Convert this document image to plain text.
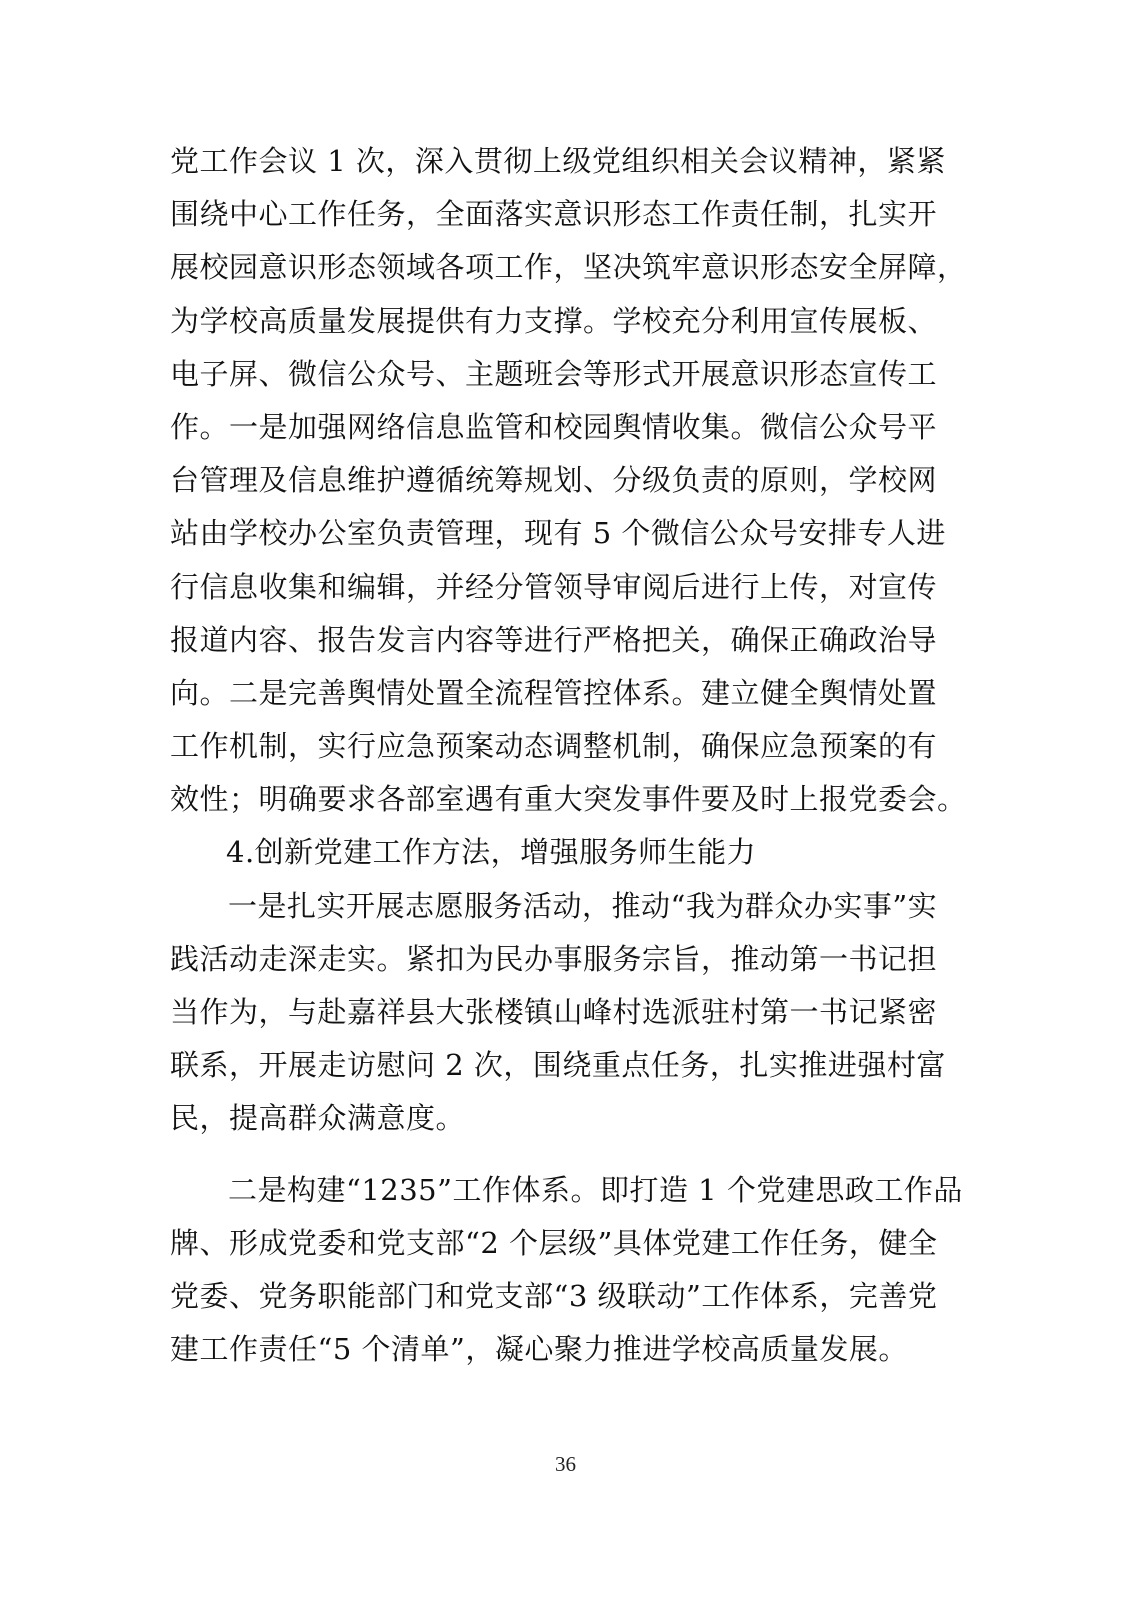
党工作会议 1 次，深入贯彻上级党组织相关会议精神，紧紧
围绕中心工作任务，全面落实意识形态工作责任制，扎实开
展校园意识形态领域各项工作，坚决筑牢意识形态安全屏障，
为学校高质量发展提供有力支撑。学校充分利用宣传展板、
电子屏、微信公众号、主题班会等形式开展意识形态宣传工
作。一是加强网络信息监管和校园舆情收集。微信公众号平
台管理及信息维护遵循统筹规划、分级负责的原则，学校网
站由学校办公室负责管理，现有 5 个微信公众号安排专人进
行信息收集和编辑，并经分管领导审阅后进行上传，对宣传
报道内容、报告发言内容等进行严格把关，确保正确政治导
向。二是完善舆情处置全流程管控体系。建立健全舆情处置
工作机制，实行应急预案动态调整机制，确保应急预案的有
效性；明确要求各部室遇有重大突发事件要及时上报党委会。
4.创新党建工作方法，增强服务师生能力
一是扎实开展志愿服务活动，推动“我为群众办实事”实
践活动走深走实。紧扣为民办事服务宗旨，推动第一书记担
当作为，与赴嘉祥县大张楼镇山峰村选派驻村第一书记紧密
联系，开展走访慰问 2 次，围绕重点任务，扎实推进强村富
民，提高群众满意度。
二是构建“1235”工作体系。即打造 1 个党建思政工作品
牌、形成党委和党支部“2 个层级”具体党建工作任务，健全
党委、党务职能部门和党支部“3 级联动”工作体系，完善党
建工作责任“5 个清单”，凝心聚力推进学校高质量发展。
36
